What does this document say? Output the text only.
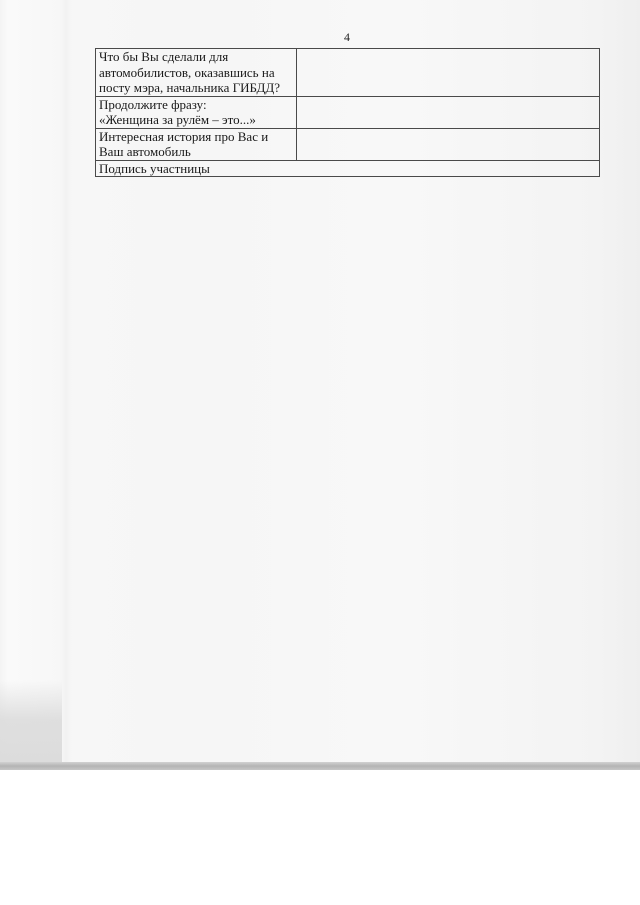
4
Что бы Вы сделали для автомобилистов, оказавшись на посту мэра, начальника ГИБДД?	
Продолжите фразу:
«Женщина за рулём – это...»	
Интересная история про Вас и Ваш автомобиль	
Подпись участницы	
